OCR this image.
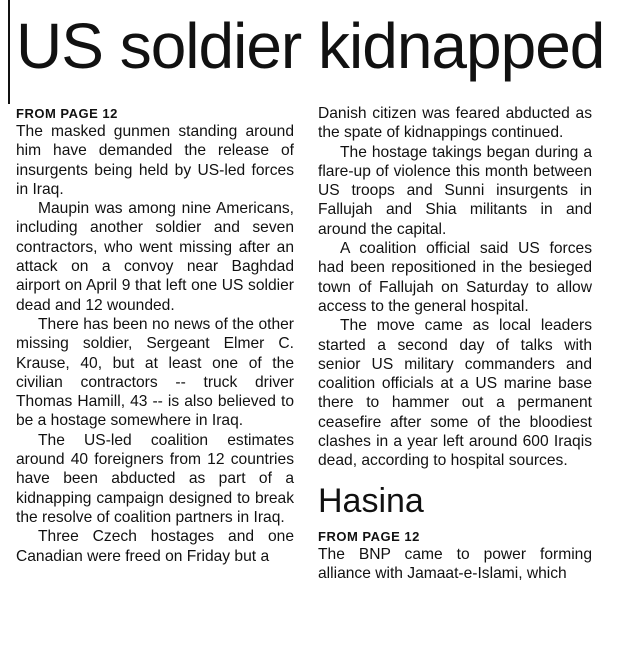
US soldier kidnapped
FROM PAGE 12

The masked gunmen standing around him have demanded the release of insurgents being held by US-led forces in Iraq.

Maupin was among nine Americans, including another soldier and seven contractors, who went missing after an attack on a convoy near Baghdad airport on April 9 that left one US soldier dead and 12 wounded.

There has been no news of the other missing soldier, Sergeant Elmer C. Krause, 40, but at least one of the civilian contractors -- truck driver Thomas Hamill, 43 -- is also believed to be a hostage somewhere in Iraq.

The US-led coalition estimates around 40 foreigners from 12 countries have been abducted as part of a kidnapping campaign designed to break the resolve of coalition partners in Iraq.

Three Czech hostages and one Canadian were freed on Friday but a

Danish citizen was feared abducted as the spate of kidnappings continued.

The hostage takings began during a flare-up of violence this month between US troops and Sunni insurgents in Fallujah and Shia militants in and around the capital.

A coalition official said US forces had been repositioned in the besieged town of Fallujah on Saturday to allow access to the general hospital.

The move came as local leaders started a second day of talks with senior US military commanders and coalition officials at a US marine base there to hammer out a permanent ceasefire after some of the bloodiest clashes in a year left around 600 Iraqis dead, according to hospital sources.

Hasina
FROM PAGE 12

The BNP came to power forming alliance with Jamaat-e-Islami, which
